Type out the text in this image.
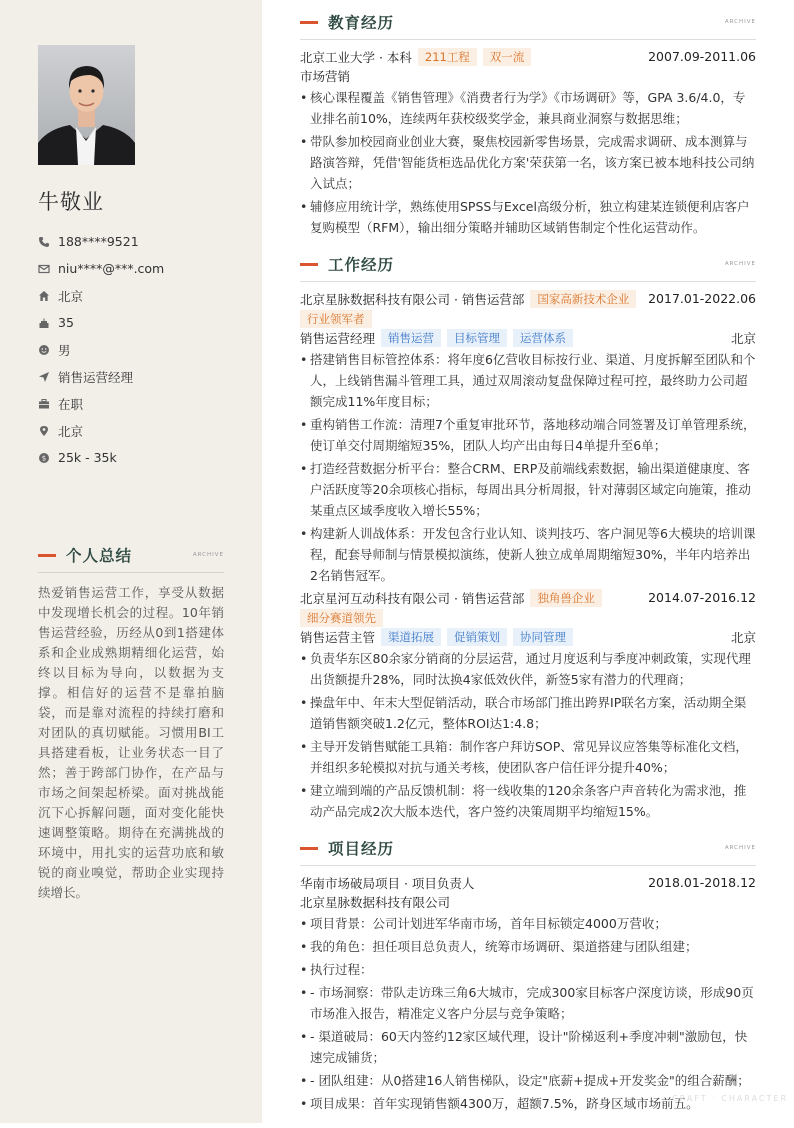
牛敬业
188****9521
niu****@***.com
北京
35
男
销售运营经理
在职
北京
$ 25k - 35k
个人总结	ARCHIVE
热爱销售运营工作，享受从数据中发现增长机会的过程。10年销售运营经验，历经从0到1搭建体系和企业成熟期精细化运营，始终以目标为导向，以数据为支撑。相信好的运营不是靠拍脑袋，而是靠对流程的持续打磨和对团队的真切赋能。习惯用BI工具搭建看板，让业务状态一目了然；善于跨部门协作，在产品与市场之间架起桥梁。面对挑战能沉下心拆解问题，面对变化能快速调整策略。期待在充满挑战的环境中，用扎实的运营功底和敏锐的商业嗅觉，帮助企业实现持续增长。
教育经历	ARCHIVE
北京工业大学 · 本科	211工程	双一流	2007.09-2011.06
市场营销
• 核心课程覆盖《销售管理》《消费者行为学》《市场调研》等，GPA 3.6/4.0，专业排名前10%，连续两年获校级奖学金，兼具商业洞察与数据思维；
• 带队参加校园商业创业大赛，聚焦校园新零售场景，完成需求调研、成本测算与路演答辩，凭借'智能货柜选品优化方案'荣获第一名，该方案已被本地科技公司纳入试点；
• 辅修应用统计学，熟练使用SPSS与Excel高级分析，独立构建某连锁便利店客户复购模型（RFM），输出细分策略并辅助区域销售制定个性化运营动作。
工作经历	ARCHIVE
北京星脉数据科技有限公司 · 销售运营部	国家高新技术企业	2017.01-2022.06
行业领军者
销售运营经理	销售运营	目标管理	运营体系	北京
• 搭建销售目标管控体系：将年度6亿营收目标按行业、渠道、月度拆解至团队和个人，上线销售漏斗管理工具，通过双周滚动复盘保障过程可控，最终助力公司超额完成11%年度目标；
• 重构销售工作流：清理7个重复审批环节，落地移动端合同签署及订单管理系统，使订单交付周期缩短35%，团队人均产出由每日4单提升至6单；
• 打造经营数据分析平台：整合CRM、ERP及前端线索数据，输出渠道健康度、客户活跃度等20余项核心指标，每周出具分析周报，针对薄弱区域定向施策，推动某重点区域季度收入增长55%；
• 构建新人训战体系：开发包含行业认知、谈判技巧、客户洞见等6大模块的培训课程，配套导师制与情景模拟演练，使新人独立成单周期缩短30%，半年内培养出2名销售冠军。
北京星河互动科技有限公司 · 销售运营部	独角兽企业	2014.07-2016.12
细分赛道领先
销售运营主管	渠道拓展	促销策划	协同管理	北京
• 负责华东区80余家分销商的分层运营，通过月度返利与季度冲刺政策，实现代理出货额提升28%，同时汰换4家低效伙伴，新签5家有潜力的代理商；
• 操盘年中、年末大型促销活动，联合市场部门推出跨界IP联名方案，活动期全渠道销售额突破1.2亿元，整体ROI达1:4.8；
• 主导开发销售赋能工具箱：制作客户拜访SOP、常见异议应答集等标准化文档，并组织多轮模拟对抗与通关考核，使团队客户信任评分提升40%；
• 建立端到端的产品反馈机制：将一线收集的120余条客户声音转化为需求池，推动产品完成2次大版本迭代，客户签约决策周期平均缩短15%。
项目经历	ARCHIVE
华南市场破局项目 · 项目负责人	2018.01-2018.12
北京星脉数据科技有限公司
• 项目背景：公司计划进军华南市场，首年目标锁定4000万营收；
• 我的角色：担任项目总负责人，统筹市场调研、渠道搭建与团队组建；
• 执行过程：
• - 市场洞察：带队走访珠三角6大城市，完成300家目标客户深度访谈，形成90页市场准入报告，精准定义客户分层与竞争策略；
• - 渠道破局：60天内签约12家区域代理，设计"阶梯返利+季度冲刺"激励包，快速完成铺货；
• - 团队组建：从0搭建16人销售梯队，设定"底薪+提成+开发奖金"的组合薪酬；
• 项目成果：首年实现销售额4300万，超额7.5%，跻身区域市场前五。
CRAFT · CHARACTER
